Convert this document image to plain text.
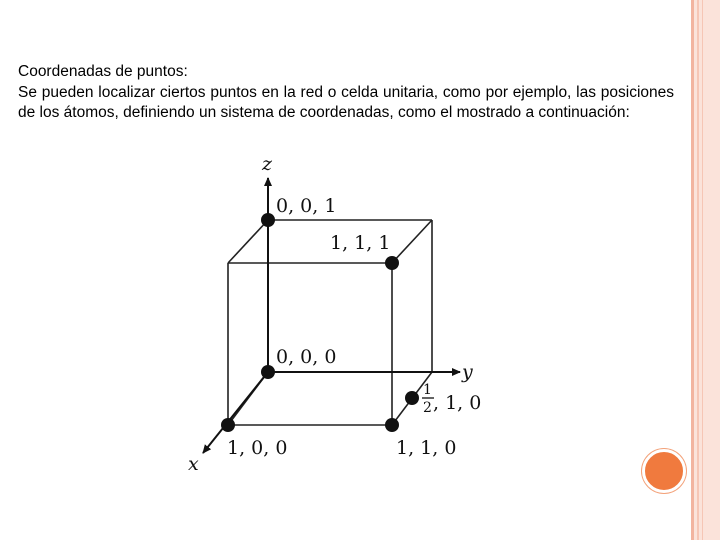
Coordenadas de puntos:
Se pueden localizar ciertos puntos en la red o celda unitaria, como por ejemplo, las posiciones de los átomos, definiendo un sistema de coordenadas, como el mostrado a continuación:
z
y
x
0, 0, 1
1, 1, 1
0, 0, 0
1
2 , 1, 0
1, 0, 0	1, 1, 0
